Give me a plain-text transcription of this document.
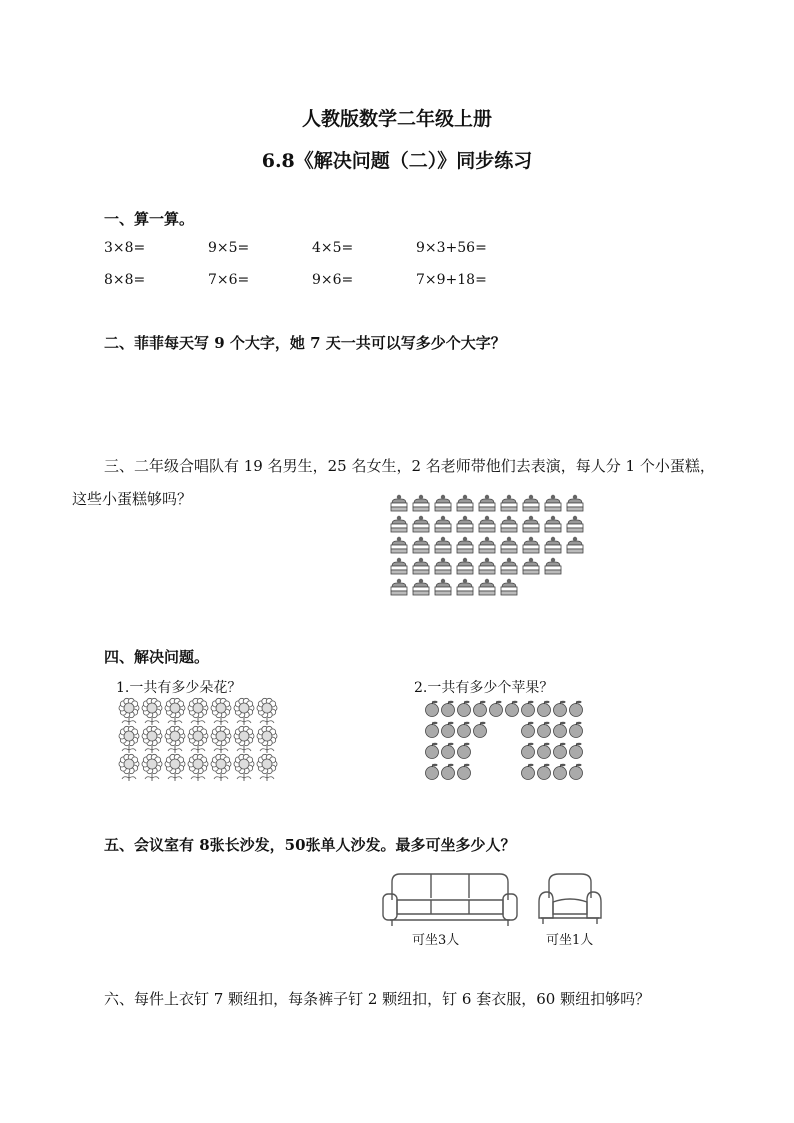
人教版数学二年级上册
6.8《解决问题（二）》同步练习
一、算一算。
3×8=	9×5=	4×5=	9×3+56=
8×8=	7×6=	9×6=	7×9+18=
二、菲菲每天写 9 个大字，她 7 天一共可以写多少个大字？
三、二年级合唱队有 19 名男生，25 名女生，2 名老师带他们去表演，每人分 1 个小蛋糕，
这些小蛋糕够吗？
四、解决问题。
1.一共有多少朵花？	2.一共有多少个苹果？
五、会议室有 8张长沙发，50张单人沙发。最多可坐多少人？
可坐3人	可坐1人
六、每件上衣钉 7 颗纽扣，每条裤子钉 2 颗纽扣，钉 6 套衣服，60 颗纽扣够吗？
